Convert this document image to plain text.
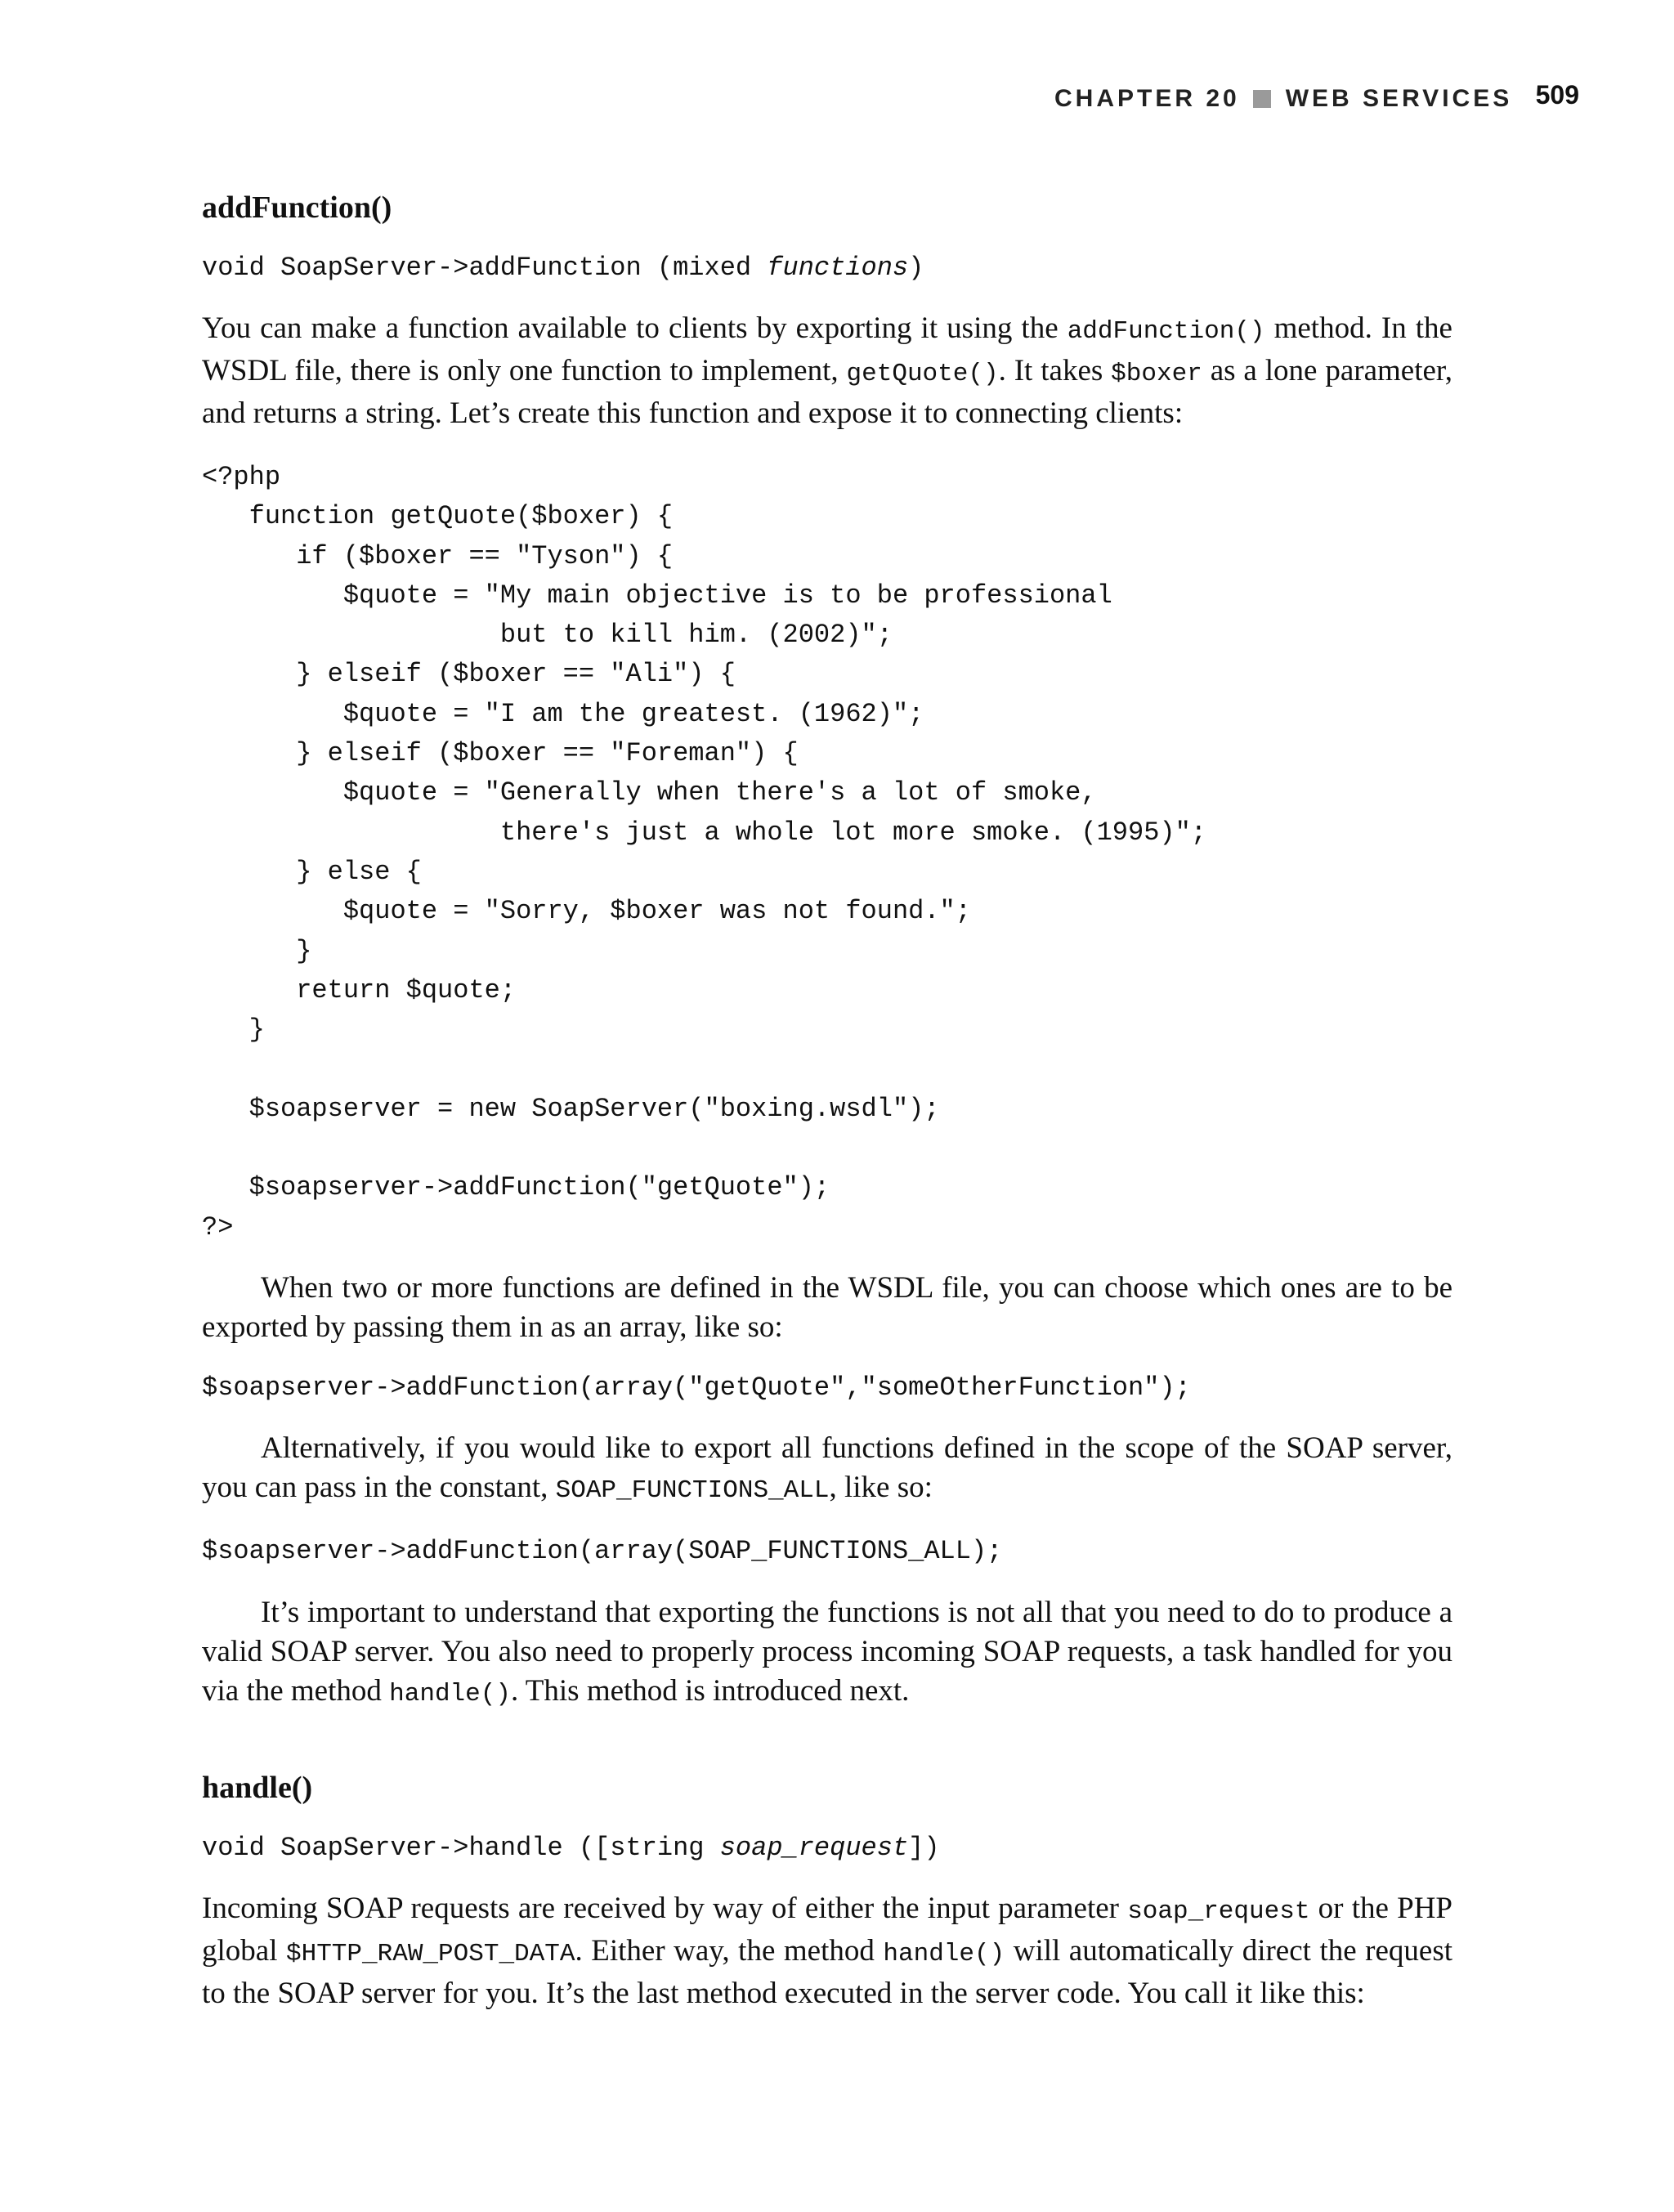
CHAPTER 20 WEB SERVICES 509
addFunction()
void SoapServer->addFunction (mixed functions)

You can make a function available to clients by exporting it using the addFunction() method. In the WSDL file, there is only one function to implement, getQuote(). It takes $boxer as a lone parameter, and returns a string. Let’s create this function and expose it to connecting clients:

<?php
function getQuote($boxer) {
if ($boxer == "Tyson") {
$quote = "My main objective is to be professional
but to kill him. (2002)";
} elseif ($boxer == "Ali") {
$quote = "I am the greatest. (1962)";
} elseif ($boxer == "Foreman") {
$quote = "Generally when there's a lot of smoke,
there's just a whole lot more smoke. (1995)";
} else {
$quote = "Sorry, $boxer was not found.";
}
return $quote;
}

$soapserver = new SoapServer("boxing.wsdl");

$soapserver->addFunction("getQuote");
?>

When two or more functions are defined in the WSDL file, you can choose which ones are to be exported by passing them in as an array, like so:

$soapserver->addFunction(array("getQuote","someOtherFunction");

Alternatively, if you would like to export all functions defined in the scope of the SOAP server, you can pass in the constant, SOAP_FUNCTIONS_ALL, like so:

$soapserver->addFunction(array(SOAP_FUNCTIONS_ALL);

It’s important to understand that exporting the functions is not all that you need to do to produce a valid SOAP server. You also need to properly process incoming SOAP requests, a task handled for you via the method handle(). This method is introduced next.

handle()
void SoapServer->handle ([string soap_request])

Incoming SOAP requests are received by way of either the input parameter soap_request or the PHP global $HTTP_RAW_POST_DATA. Either way, the method handle() will automatically direct the request to the SOAP server for you. It’s the last method executed in the server code. You call it like this:
